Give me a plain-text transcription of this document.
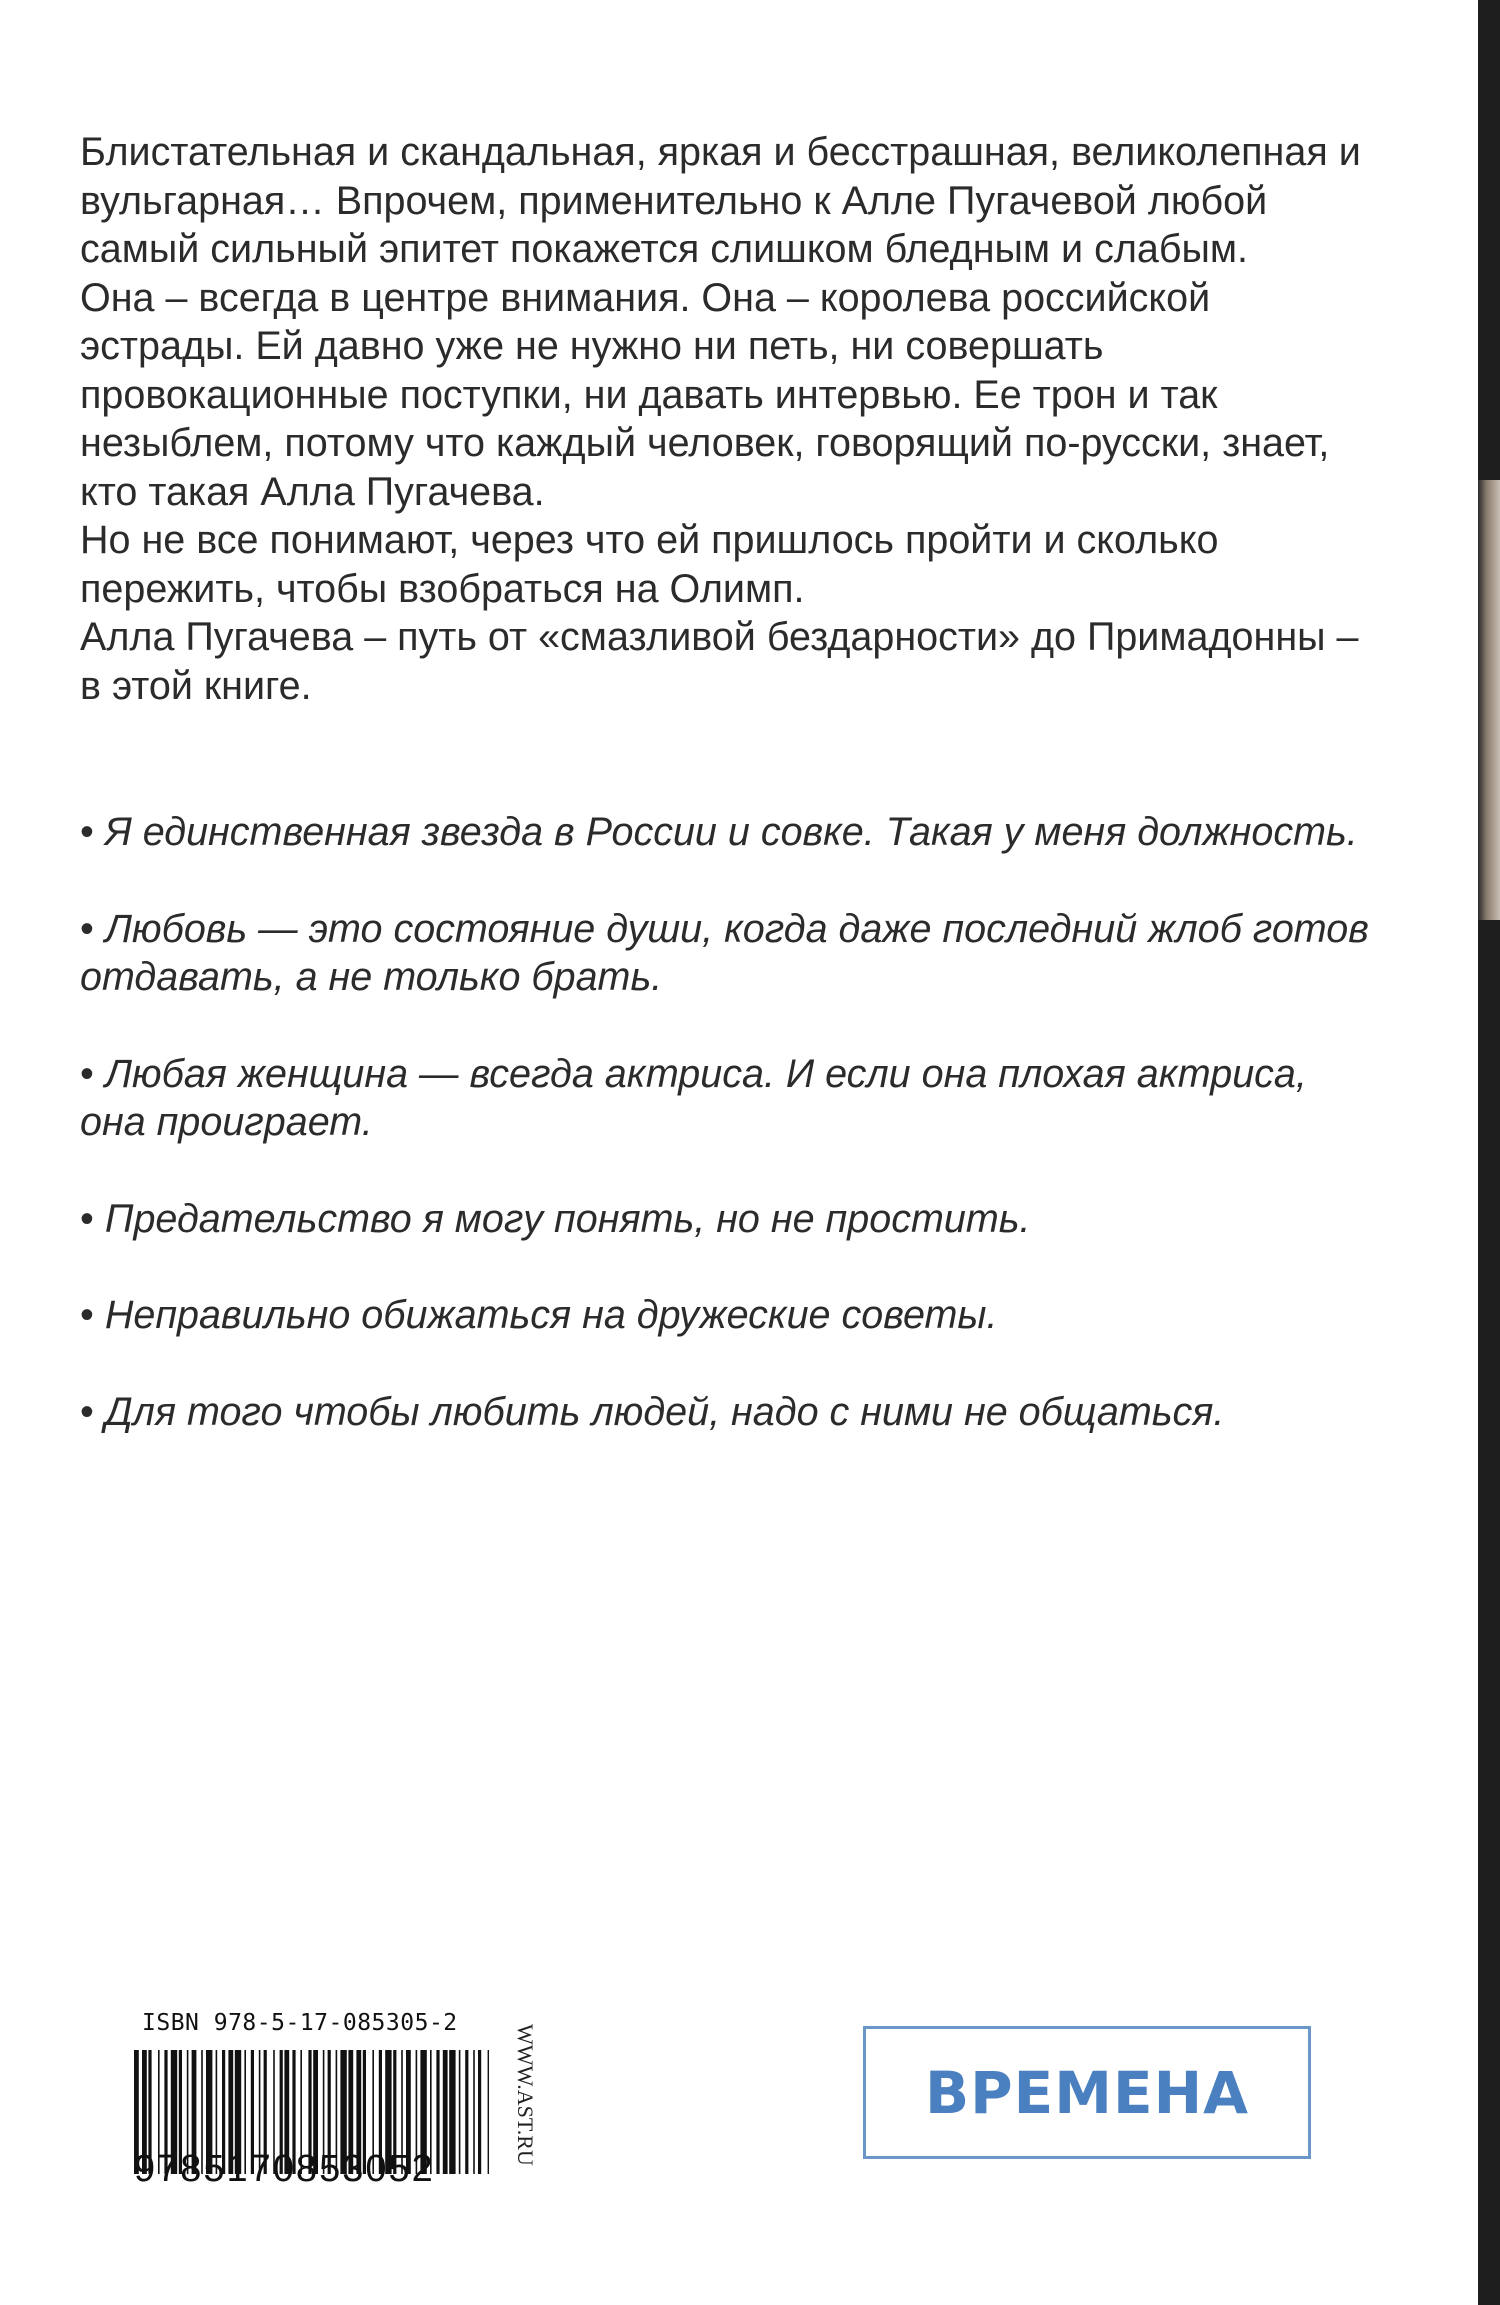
Блистательная и скандальная, яркая и бесстрашная, великолепная и вульгарная… Впрочем, применительно к Алле Пугачевой любой самый сильный эпитет покажется слишком бледным и слабым.

Она – всегда в центре внимания. Она – королева российской эстрады. Ей давно уже не нужно ни петь, ни совершать провокационные поступки, ни давать интервью. Ее трон и так незыблем, потому что каждый человек, говорящий по-русски, знает, кто такая Алла Пугачева.

Но не все понимают, через что ей пришлось пройти и сколько пережить, чтобы взобраться на Олимп.

Алла Пугачева – путь от «смазливой бездарности» до Примадонны – в этой книге.

• Я единственная звезда в России и совке. Такая у меня должность.

• Любовь — это состояние души, когда даже последний жлоб готов отдавать, а не только брать.

• Любая женщина — всегда актриса. И если она плохая актриса, она проиграет.

• Предательство я могу понять, но не простить.

• Неправильно обижаться на дружеские советы.

• Для того чтобы любить людей, надо с ними не общаться.

ISBN 978-5-17-085305-2
9785170853052
WWW.AST.RU	ВРЕМЕНА
